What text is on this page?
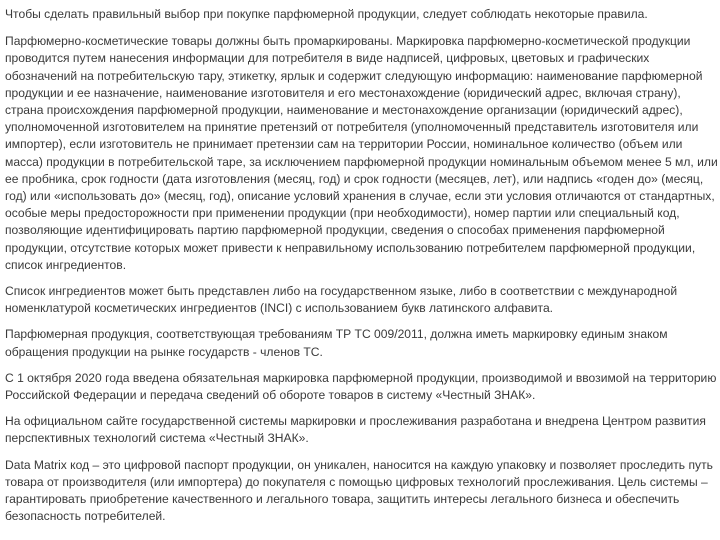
Чтобы сделать правильный выбор при покупке парфюмерной продукции, следует соблюдать некоторые правила.

Парфюмерно-косметические товары должны быть промаркированы. Маркировка парфюмерно-косметической продукции проводится путем нанесения информации для потребителя в виде надписей, цифровых, цветовых и графических обозначений на потребительскую тару, этикетку, ярлык и содержит следующую информацию: наименование парфюмерной продукции и ее назначение, наименование изготовителя и его местонахождение (юридический адрес, включая страну), страна происхождения парфюмерной продукции, наименование и местонахождение организации (юридический адрес), уполномоченной изготовителем на принятие претензий от потребителя (уполномоченный представитель изготовителя или импортер), если изготовитель не принимает претензии сам на территории России, номинальное количество (объем или масса) продукции в потребительской таре, за исключением парфюмерной продукции номинальным объемом менее 5 мл, или ее пробника, срок годности (дата изготовления (месяц, год) и срок годности (месяцев, лет), или надпись «годен до» (месяц, год) или «использовать до» (месяц, год), описание условий хранения в случае, если эти условия отличаются от стандартных, особые меры предосторожности при применении продукции (при необходимости), номер партии или специальный код, позволяющие идентифицировать партию парфюмерной продукции, сведения о способах применения парфюмерной продукции, отсутствие которых может привести к неправильному использованию потребителем парфюмерной продукции, список ингредиентов.

Список ингредиентов может быть представлен либо на государственном языке, либо в соответствии с международной номенклатурой косметических ингредиентов (INCI) с использованием букв латинского алфавита.

Парфюмерная продукция, соответствующая требованиям ТР ТС 009/2011, должна иметь маркировку единым знаком обращения продукции на рынке государств - членов ТС.

С 1 октября 2020 года введена обязательная маркировка парфюмерной продукции, производимой и ввозимой на территорию Российской Федерации и передача сведений об обороте товаров в систему «Честный ЗНАК».

На официальном сайте государственной системы маркировки и прослеживания разработана и внедрена Центром развития перспективных технологий система «Честный ЗНАК».

Data Matrix код – это цифровой паспорт продукции, он уникален, наносится на каждую упаковку и позволяет проследить путь товара от производителя (или импортера) до покупателя с помощью цифровых технологий прослеживания. Цель системы – гарантировать приобретение качественного и легального товара, защитить интересы легального бизнеса и обеспечить безопасность потребителей.
